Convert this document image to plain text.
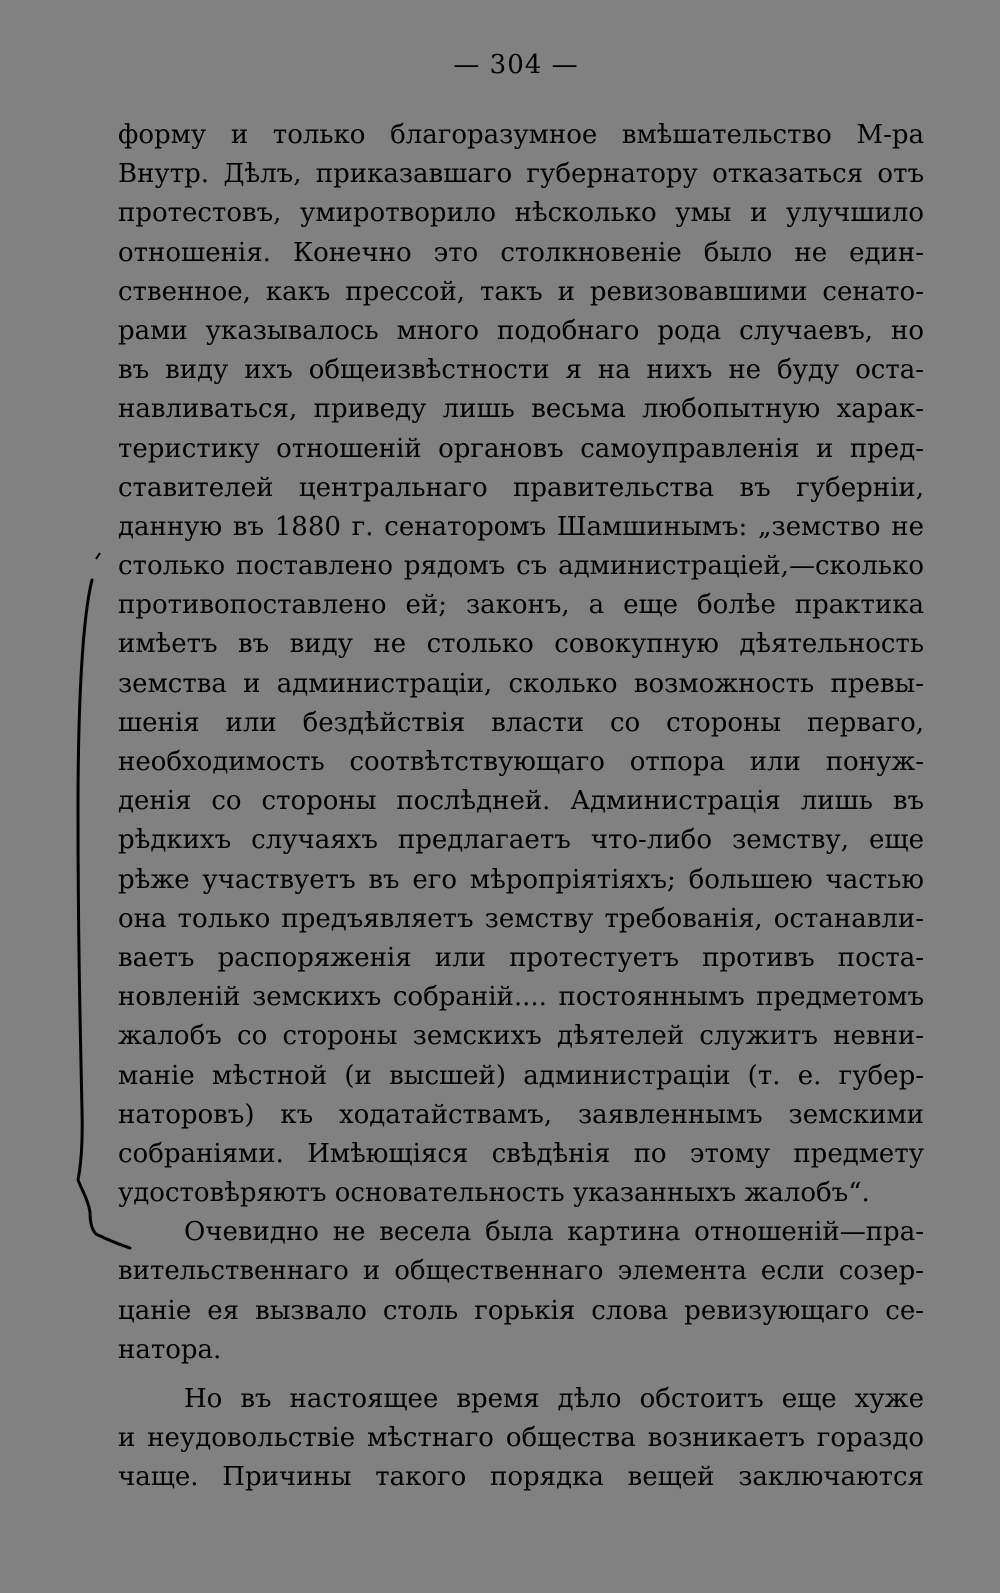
— 304 —
форму и только благоразумное вмѣшательство М-ра
Внутр. Дѣлъ, приказавшаго губернатору отказаться отъ
протестовъ, умиротворило нѣсколько умы и улучшило
отношенія. Конечно это столкновеніе было не един-
ственное, какъ прессой, такъ и ревизовавшими сенато-
рами указывалось много подобнаго рода случаевъ, но
въ виду ихъ общеизвѣстности я на нихъ не буду оста-
навливаться, приведу лишь весьма любопытную харак-
теристику отношеній органовъ самоуправленія и пред-
ставителей центральнаго правительства въ губерніи,
данную въ 1880 г. сенаторомъ Шамшинымъ: „земство не
столько поставлено рядомъ съ администраціей,—сколько
противопоставлено ей; законъ, а еще болѣе практика
имѣетъ въ виду не столько совокупную дѣятельность
земства и администраціи, сколько возможность превы-
шенія или бездѣйствія власти со стороны перваго,
необходимость соотвѣтствующаго отпора или понуж-
денія со стороны послѣдней. Администрація лишь въ
рѣдкихъ случаяхъ предлагаетъ что-либо земству, еще
рѣже участвуетъ въ его мѣропріятіяхъ; большею частью
она только предъявляетъ земству требованія, останавли-
ваетъ распоряженія или протестуетъ противъ поста-
новленій земскихъ собраній.... постояннымъ предметомъ
жалобъ со стороны земскихъ дѣятелей служитъ невни-
маніе мѣстной (и высшей) администраціи (т. е. губер-
наторовъ) къ ходатайствамъ, заявленнымъ земскими
собраніями. Имѣющіяся свѣдѣнія по этому предмету
удостовѣряютъ основательность указанныхъ жалобъ“.
Очевидно не весела была картина отношеній—пра-
вительственнаго и общественнаго элемента если созер-
цаніе ея вызвало столь горькія слова ревизующаго се-
натора.
Но въ настоящее время дѣло обстоитъ еще хуже
и неудовольствіе мѣстнаго общества возникаетъ гораздо
чаще. Причины такого порядка вещей заключаются
